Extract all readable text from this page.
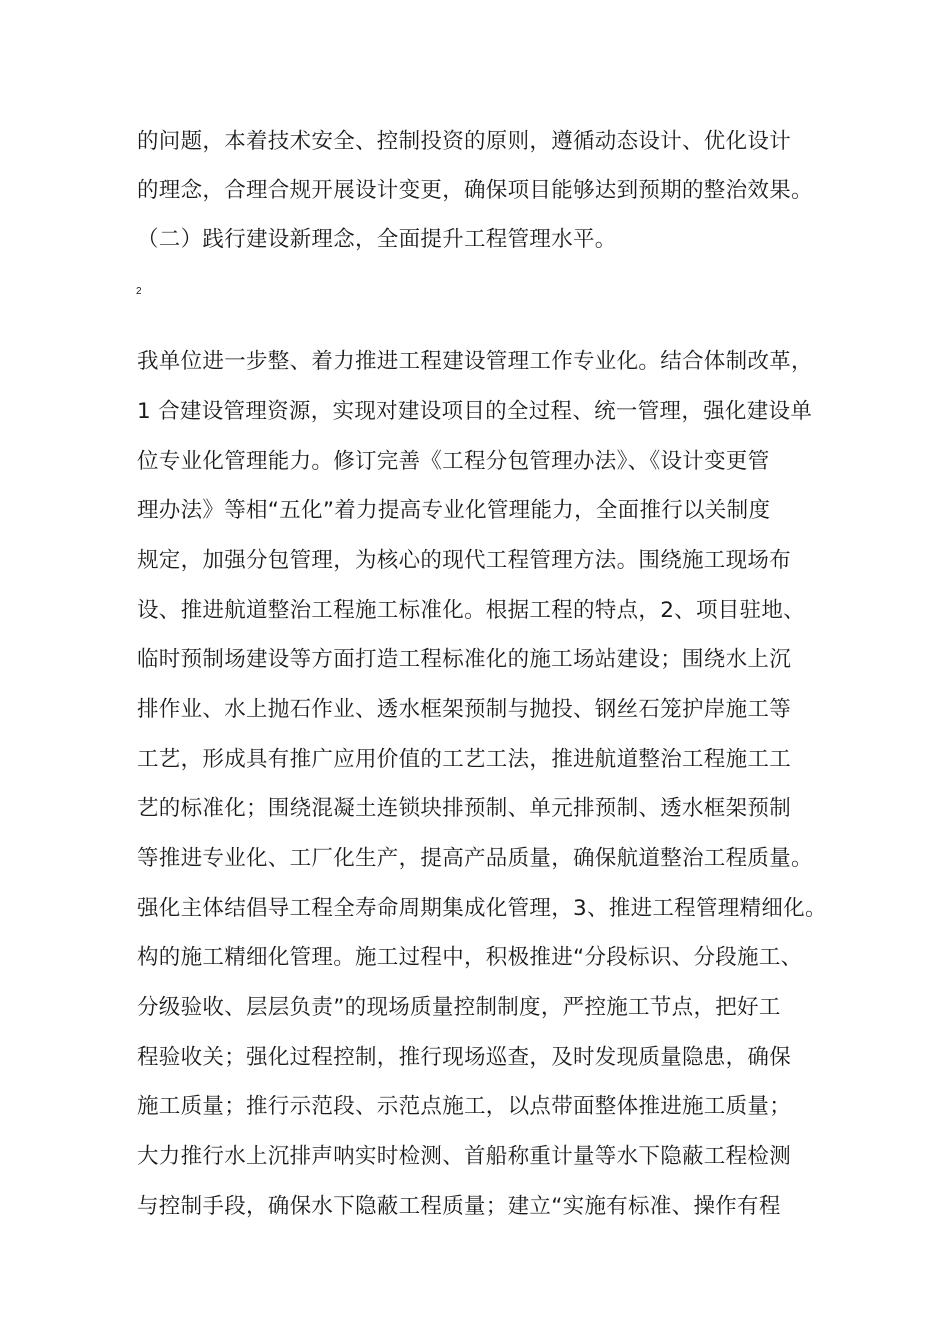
的问题，本着技术安全、控制投资的原则，遵循动态设计、优化设计
的理念，合理合规开展设计变更，确保项目能够达到预期的整治效果。
（二）践行建设新理念，全面提升工程管理水平。
2
我单位进一步整、着力推进工程建设管理工作专业化。结合体制改革，
1 合建设管理资源，实现对建设项目的全过程、统一管理，强化建设单
位专业化管理能力。修订完善《工程分包管理办法》、《设计变更管
理办法》等相“五化”着力提高专业化管理能力，全面推行以关制度
规定，加强分包管理，为核心的现代工程管理方法。围绕施工现场布
设、推进航道整治工程施工标准化。根据工程的特点，2、项目驻地、
临时预制场建设等方面打造工程标准化的施工场站建设；围绕水上沉
排作业、水上抛石作业、透水框架预制与抛投、钢丝石笼护岸施工等
工艺，形成具有推广应用价值的工艺工法，推进航道整治工程施工工
艺的标准化；围绕混凝土连锁块排预制、单元排预制、透水框架预制
等推进专业化、工厂化生产，提高产品质量，确保航道整治工程质量。
强化主体结倡导工程全寿命周期集成化管理，3、推进工程管理精细化。
构的施工精细化管理。施工过程中，积极推进“分段标识、分段施工、
分级验收、层层负责”的现场质量控制制度，严控施工节点，把好工
程验收关；强化过程控制，推行现场巡查，及时发现质量隐患，确保
施工质量；推行示范段、示范点施工，以点带面整体推进施工质量；
大力推行水上沉排声呐实时检测、首船称重计量等水下隐蔽工程检测
与控制手段，确保水下隐蔽工程质量；建立“实施有标准、操作有程
